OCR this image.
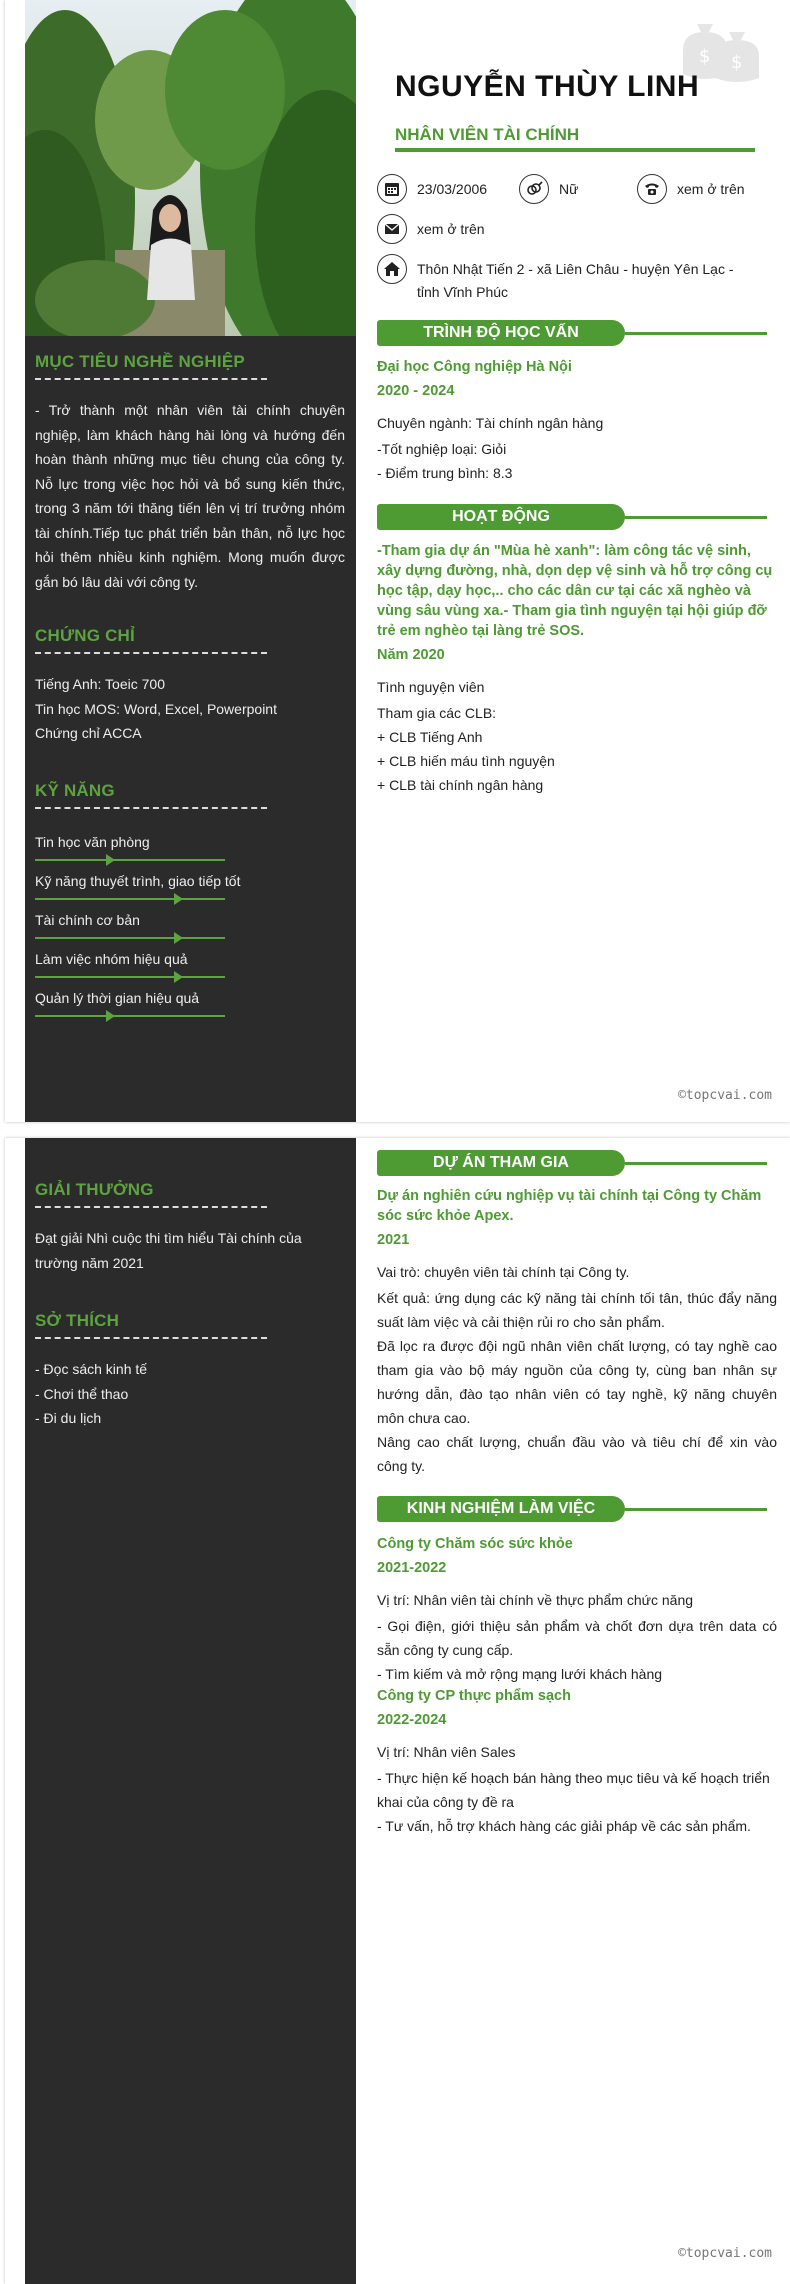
MỤC TIÊU NGHỀ NGHIỆP
- Trở thành một nhân viên tài chính chuyên nghiệp, làm khách hàng hài lòng và hướng đến hoàn thành những mục tiêu chung của công ty. Nỗ lực trong việc học hỏi và bổ sung kiến thức, trong 3 năm tới thăng tiến lên vị trí trưởng nhóm tài chính.Tiếp tục phát triển bản thân, nỗ lực học hỏi thêm nhiều kinh nghiệm. Mong muốn được gắn bó lâu dài với công ty.
CHỨNG CHỈ
Tiếng Anh: Toeic 700
Tin học MOS: Word, Excel, Powerpoint
Chứng chỉ ACCA
KỸ NĂNG
Tin học văn phòng
Kỹ năng thuyết trình, giao tiếp tốt
Tài chính cơ bản
Làm việc nhóm hiệu quả
Quản lý thời gian hiệu quả
$ $
NGUYỄN THÙY LINH
NHÂN VIÊN TÀI CHÍNH
23/03/2006	Nữ	xem ở trên
xem ở trên
Thôn Nhật Tiến 2 - xã Liên Châu - huyện Yên Lạc - tỉnh Vĩnh Phúc
TRÌNH ĐỘ HỌC VẤN
Đại học Công nghiệp Hà Nội
2020 - 2024
Chuyên ngành: Tài chính ngân hàng
-Tốt nghiệp loại: Giỏi
- Điểm trung bình: 8.3
HOẠT ĐỘNG
-Tham gia dự án "Mùa hè xanh": làm công tác vệ sinh, xây dựng đường, nhà, dọn dẹp vệ sinh và hỗ trợ công cụ học tập, dạy học,.. cho các dân cư tại các xã nghèo và vùng sâu vùng xa.- Tham gia tình nguyện tại hội giúp đỡ trẻ em nghèo tại làng trẻ SOS.
Năm 2020
Tình nguyện viên
Tham gia các CLB:
+ CLB Tiếng Anh
+ CLB hiến máu tình nguyện
+ CLB tài chính ngân hàng
©topcvai.com
GIẢI THƯỞNG
Đạt giải Nhì cuộc thi tìm hiểu Tài chính của trường năm 2021
SỞ THÍCH
- Đọc sách kinh tế
- Chơi thể thao
- Đi du lịch
DỰ ÁN THAM GIA
Dự án nghiên cứu nghiệp vụ tài chính tại Công ty Chăm sóc sức khỏe Apex.
2021
Vai trò: chuyên viên tài chính tại Công ty.
Kết quả: ứng dụng các kỹ năng tài chính tối tân, thúc đẩy năng suất làm việc và cải thiện rủi ro cho sản phẩm.
Đã lọc ra được đội ngũ nhân viên chất lượng, có tay nghề cao tham gia vào bộ máy nguồn của công ty, cùng ban nhân sự hướng dẫn, đào tạo nhân viên có tay nghề, kỹ năng chuyên môn chưa cao.
Nâng cao chất lượng, chuẩn đầu vào và tiêu chí để xin vào công ty.
KINH NGHIỆM LÀM VIỆC
Công ty Chăm sóc sức khỏe
2021-2022
Vị trí: Nhân viên tài chính về thực phẩm chức năng
- Gọi điện, giới thiệu sản phẩm và chốt đơn dựa trên data có sẵn công ty cung cấp.
- Tìm kiếm và mở rộng mạng lưới khách hàng
Công ty CP thực phẩm sạch
2022-2024
Vị trí: Nhân viên Sales
- Thực hiện kế hoạch bán hàng theo mục tiêu và kế hoạch triển khai của công ty đề ra
- Tư vấn, hỗ trợ khách hàng các giải pháp về các sản phẩm.
©topcvai.com
